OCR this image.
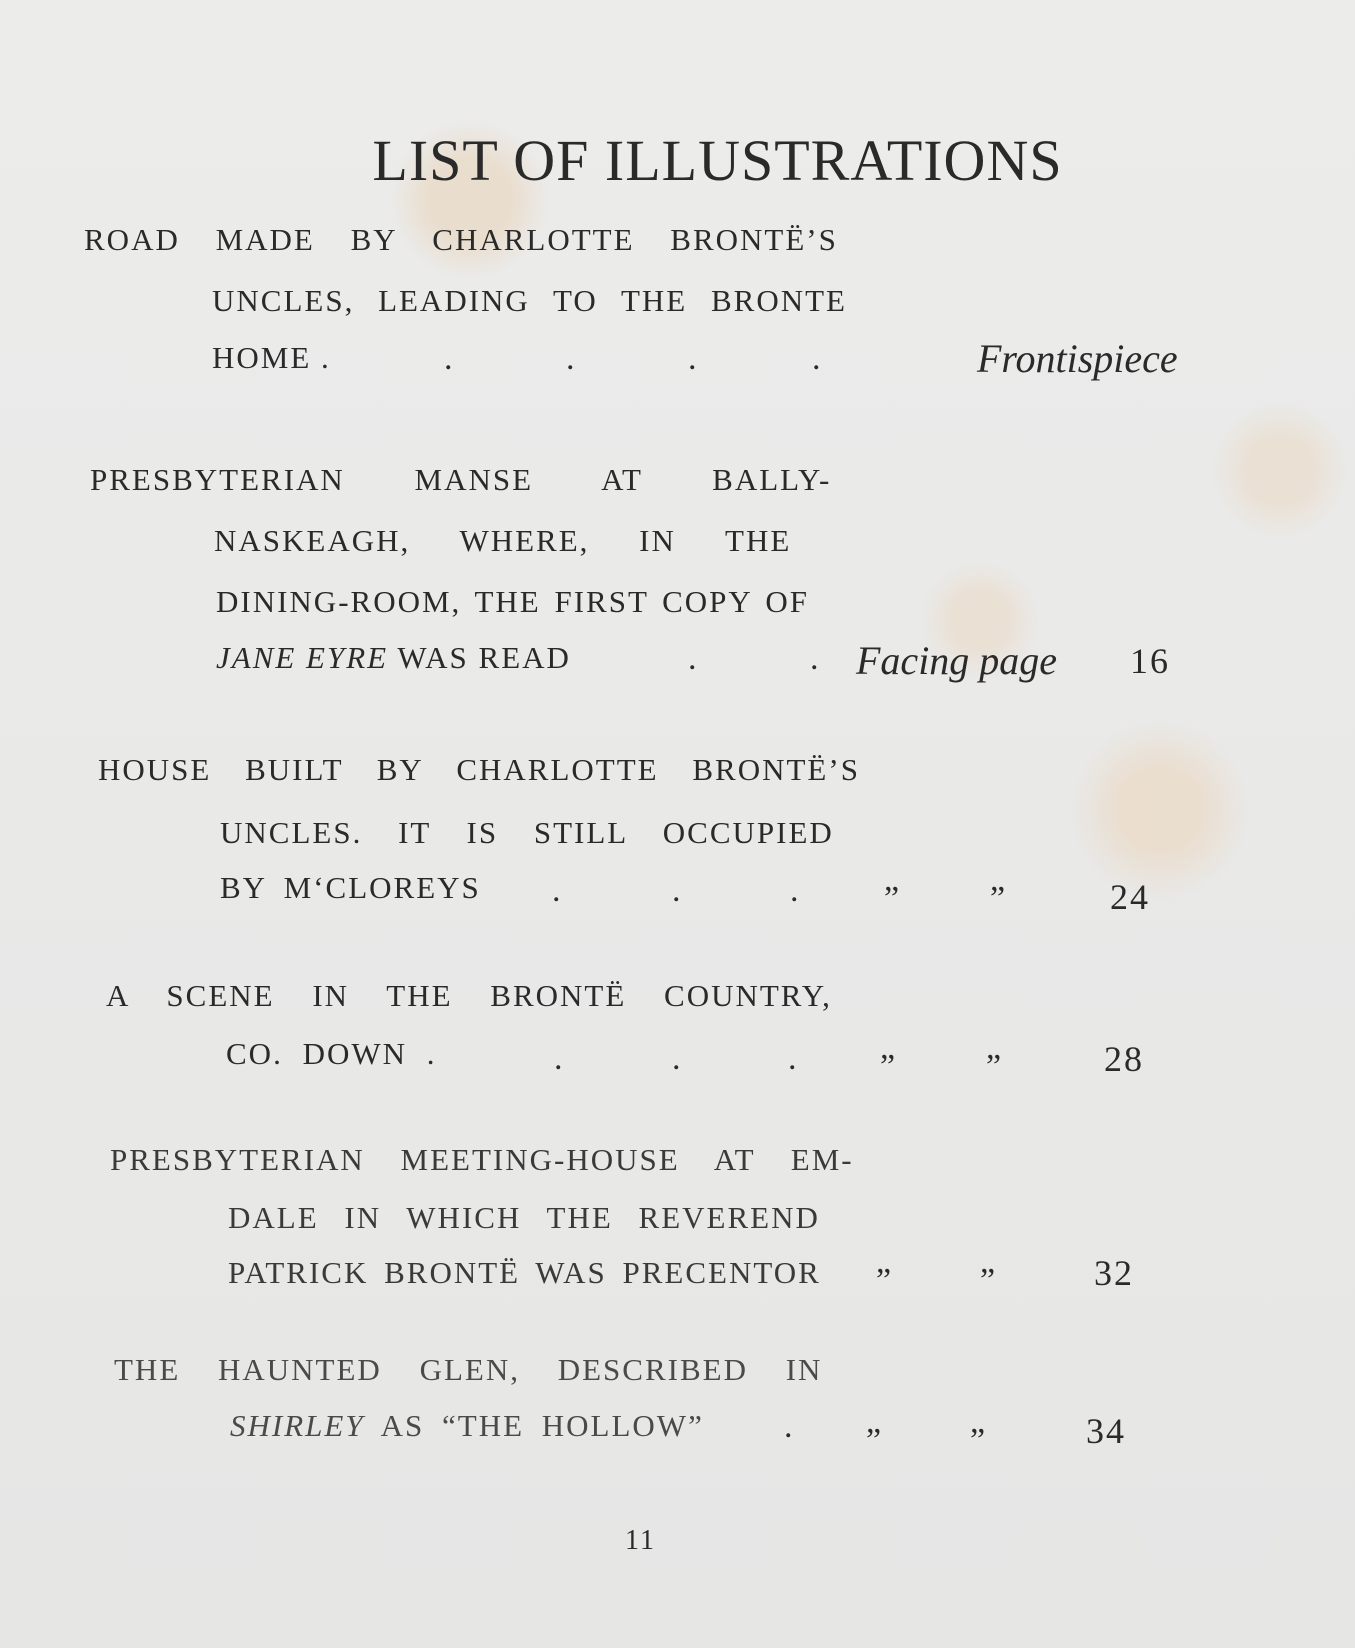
LIST OF ILLUSTRATIONS
ROAD MADE BY CHARLOTTE BRONTË’S
UNCLES, LEADING TO THE BRONTE
HOME .	.	.	.	.	Frontispiece
PRESBYTERIAN MANSE AT BALLY-
NASKEAGH, WHERE, IN THE
DINING-ROOM, THE FIRST COPY OF
JANE EYRE WAS READ	.	. Facing page 16
HOUSE BUILT BY CHARLOTTE BRONTË’S
UNCLES. IT IS STILL OCCUPIED
BY M‘CLOREYS .	.	.	”	”	24
A SCENE IN THE BRONTË COUNTRY,
CO. DOWN .	.	.	. ”	”	28
PRESBYTERIAN MEETING-HOUSE AT EM-
DALE IN WHICH THE REVEREND
PATRICK BRONTË WAS PRECENTOR ”	”	32
THE HAUNTED GLEN, DESCRIBED IN
SHIRLEY AS “THE HOLLOW” . ”	”	34
11
